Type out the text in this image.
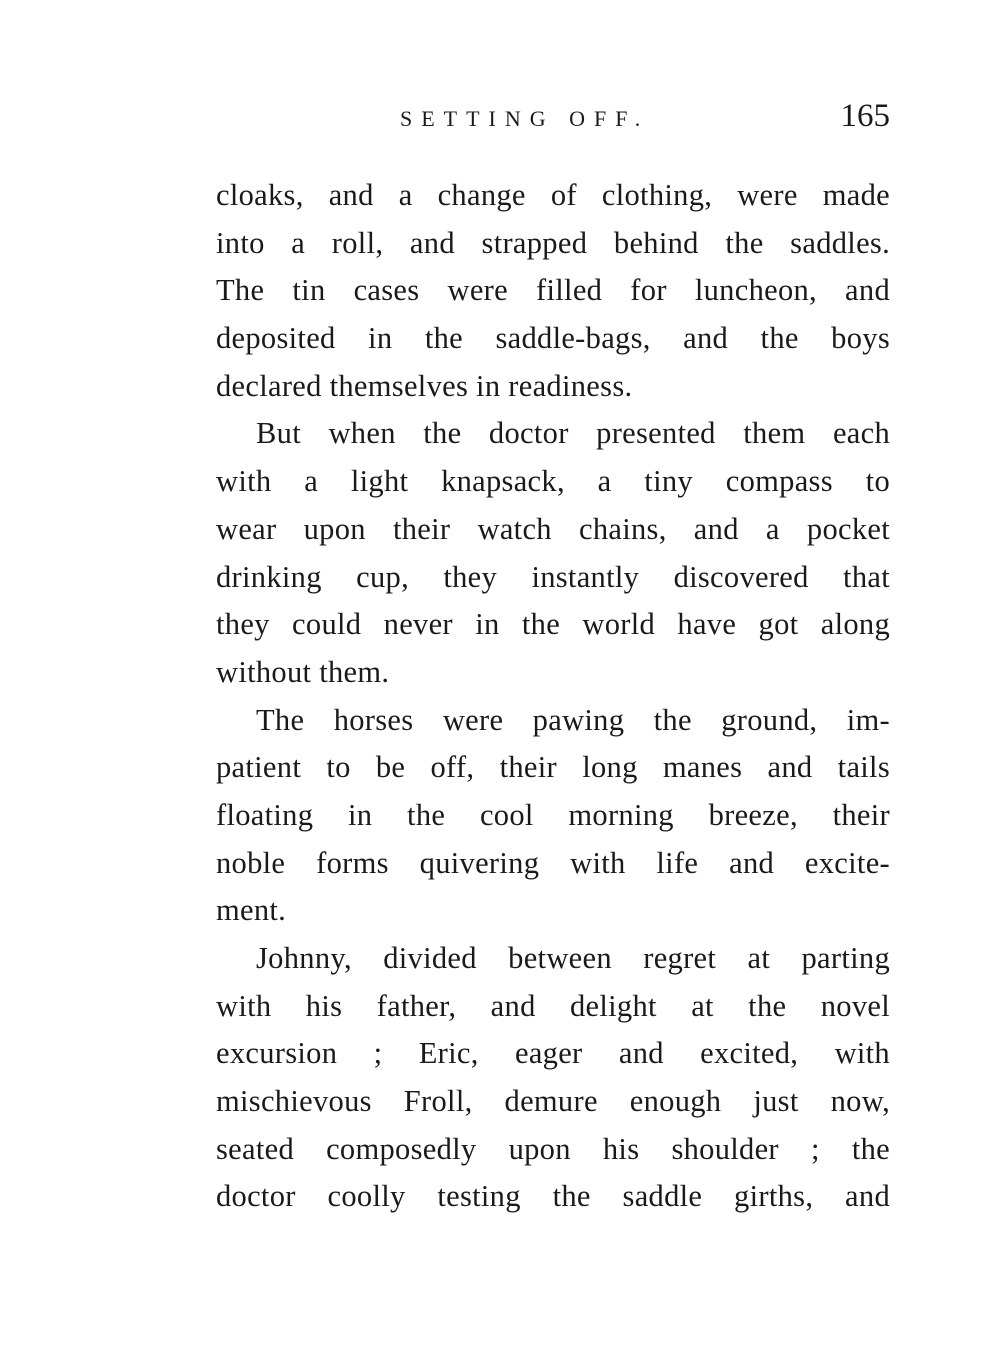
SETTING OFF.	165

cloaks, and a change of clothing, were made
into a roll, and strapped behind the saddles.
The tin cases were filled for luncheon, and
deposited in the saddle-bags, and the boys
declared themselves in readiness.

But when the doctor presented them each
with a light knapsack, a tiny compass to
wear upon their watch chains, and a pocket
drinking cup, they instantly discovered that
they could never in the world have got along
without them.

The horses were pawing the ground, im-
patient to be off, their long manes and tails
floating in the cool morning breeze, their
noble forms quivering with life and excite-
ment.

Johnny, divided between regret at parting
with his father, and delight at the novel
excursion ; Eric, eager and excited, with
mischievous Froll, demure enough just now,
seated composedly upon his shoulder ; the
doctor coolly testing the saddle girths, and
